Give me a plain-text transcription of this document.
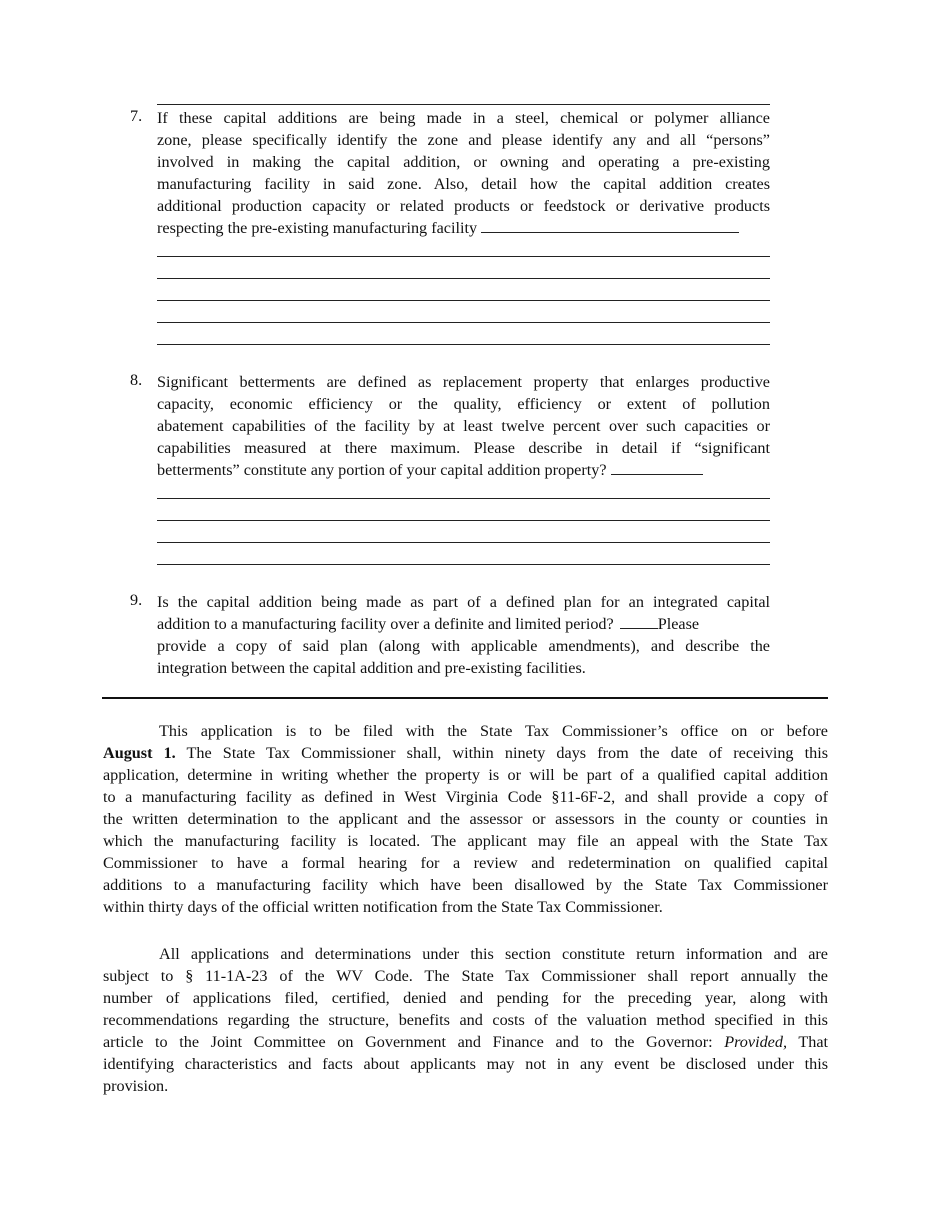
7. If these capital additions are being made in a steel, chemical or polymer alliance
zone, please specifically identify the zone and please identify any and all “persons”
involved in making the capital addition, or owning and operating a pre-existing
manufacturing facility in said zone. Also, detail how the capital addition creates
additional production capacity or related products or feedstock or derivative products
respecting the pre-existing manufacturing facility
8. Significant betterments are defined as replacement property that enlarges productive
capacity, economic efficiency or the quality, efficiency or extent of pollution
abatement capabilities of the facility by at least twelve percent over such capacities or
capabilities measured at there maximum. Please describe in detail if “significant
betterments” constitute any portion of your capital addition property?
9. Is the capital addition being made as part of a defined plan for an integrated capital
addition to a manufacturing facility over a definite and limited period?	Please
provide a copy of said plan (along with applicable amendments), and describe the
integration between the capital addition and pre-existing facilities.
This application is to be filed with the State Tax Commissioner’s office on or before
August 1. The State Tax Commissioner shall, within ninety days from the date of receiving this
application, determine in writing whether the property is or will be part of a qualified capital addition
to a manufacturing facility as defined in West Virginia Code §11-6F-2, and shall provide a copy of
the written determination to the applicant and the assessor or assessors in the county or counties in
which the manufacturing facility is located. The applicant may file an appeal with the State Tax
Commissioner to have a formal hearing for a review and redetermination on qualified capital
additions to a manufacturing facility which have been disallowed by the State Tax Commissioner
within thirty days of the official written notification from the State Tax Commissioner.
All applications and determinations under this section constitute return information and are
subject to § 11-1A-23 of the WV Code. The State Tax Commissioner shall report annually the
number of applications filed, certified, denied and pending for the preceding year, along with
recommendations regarding the structure, benefits and costs of the valuation method specified in this
article to the Joint Committee on Government and Finance and to the Governor: Provided, That
identifying characteristics and facts about applicants may not in any event be disclosed under this
provision.
